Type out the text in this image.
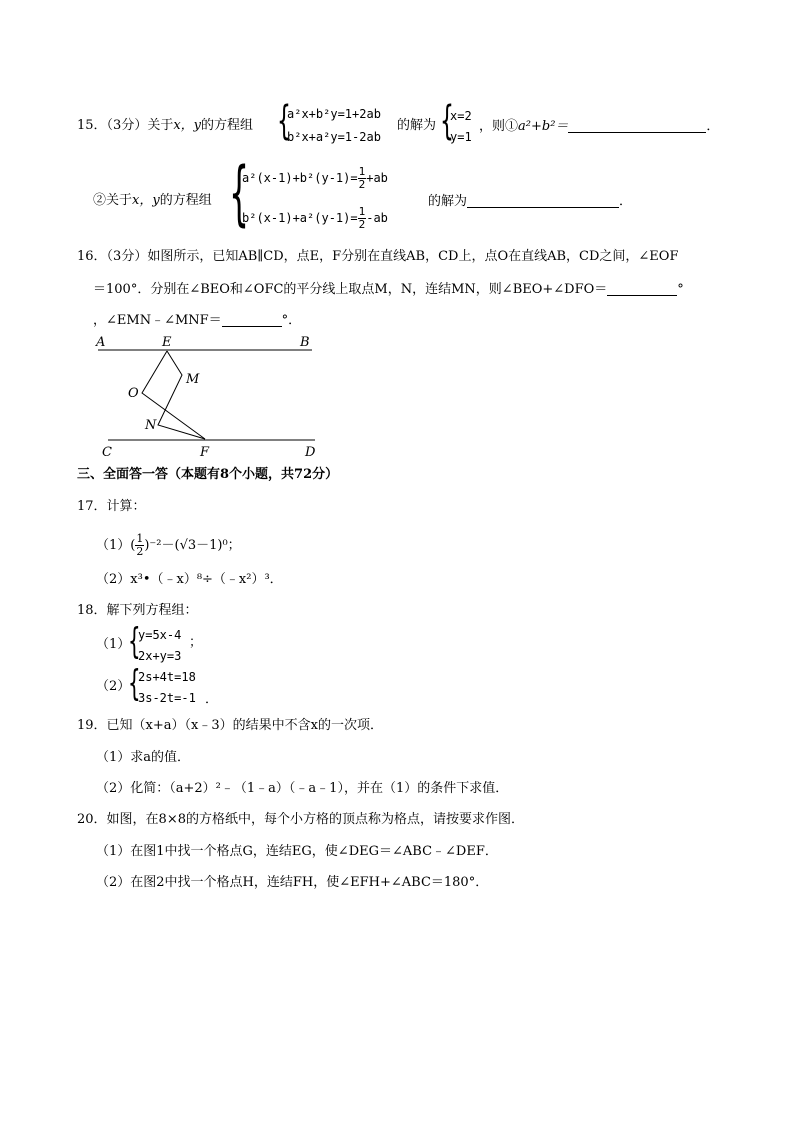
15．（3分）关于x，y的方程组 {
a²x+b²y=1+2ab
b²x+a²y=1-2ab
的解为 {
x=2
y=1
，则①a²+b²＝	．
②关于x，y的方程组 {
$a^2(x-1)+b^2(y-1)= \frac{1}{2} +ab$
$b^2(x-1)+a^2(y-1)= \frac{1}{2} -ab$
的解为	．
16．（3分）如图所示，已知AB∥CD，点E，F分别在直线AB，CD上，点O在直线AB，CD之间，∠EOF
＝100°．分别在∠BEO和∠OFC的平分线上取点M，N，连结MN，则∠BEO+∠DFO＝	°
，∠EMN﹣∠MNF＝	°．
A	E	B
M
O
N
C	F	D
三、全面答一答（本题有8个小题，共72分）
17．计算：
$(1)( \frac{1}{2} )^{-2}-(√3-1)^0$；
（2）x³•（﹣x）⁸÷（﹣x²）³．
18．解下列方程组：
（1）
{
y=5x-4
2x+y=3
；
（2）
{
2s+4t=18
3s-2t=-1 ．
19．已知（x+a）（x﹣3）的结果中不含x的一次项．
（1）求a的值．
（2）化简：（a+2）²﹣（1﹣a）（﹣a﹣1），并在（1）的条件下求值．
20．如图，在8×8的方格纸中，每个小方格的顶点称为格点，请按要求作图．
（1）在图1中找一个格点G，连结EG，使∠DEG＝∠ABC﹣∠DEF．
（2）在图2中找一个格点H，连结FH，使∠EFH+∠ABC＝180°．
